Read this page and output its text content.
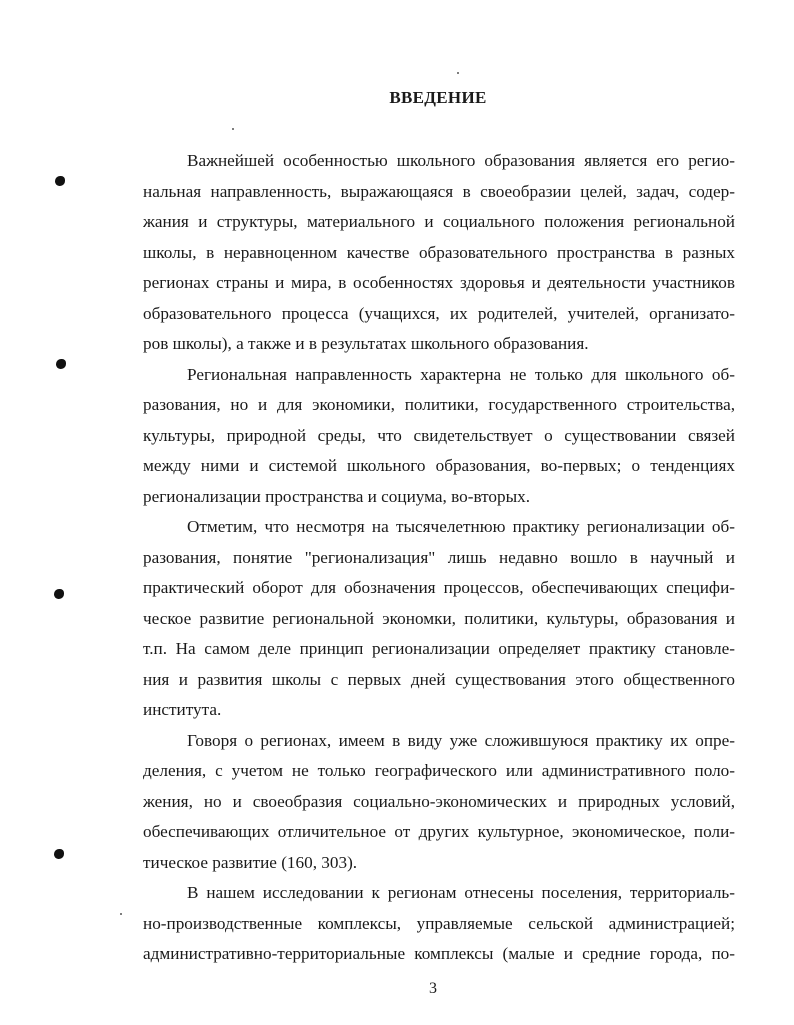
ВВЕДЕНИЕ
Важнейшей особенностью школьного образования является его регио-
нальная направленность, выражающаяся в своеобразии целей, задач, содер-
жания и структуры, материального и социального положения региональной
школы, в неравноценном качестве образовательного пространства в разных
регионах страны и мира, в особенностях здоровья и деятельности участников
образовательного процесса (учащихся, их родителей, учителей, организато-
ров школы), а также и в результатах школьного образования.
Региональная направленность характерна не только для школьного об-
разования, но и для экономики, политики, государственного строительства,
культуры, природной среды, что свидетельствует о существовании связей
между ними и системой школьного образования, во-первых; о тенденциях
регионализации пространства и социума, во-вторых.
Отметим, что несмотря на тысячелетнюю практику регионализации об-
разования, понятие "регионализация" лишь недавно вошло в научный и
практический оборот для обозначения процессов, обеспечивающих специфи-
ческое развитие региональной экономки, политики, культуры, образования и
т.п. На самом деле принцип регионализации определяет практику становле-
ния и развития школы с первых дней существования этого общественного
института.
Говоря о регионах, имеем в виду уже сложившуюся практику их опре-
деления, с учетом не только географического или административного поло-
жения, но и своеобразия социально-экономических и природных условий,
обеспечивающих отличительное от других культурное, экономическое, поли-
тическое развитие (160, 303).
В нашем исследовании к регионам отнесены поселения, территориаль-
но-производственные комплексы, управляемые сельской администрацией;
административно-территориальные комплексы (малые и средние города, по-
3
